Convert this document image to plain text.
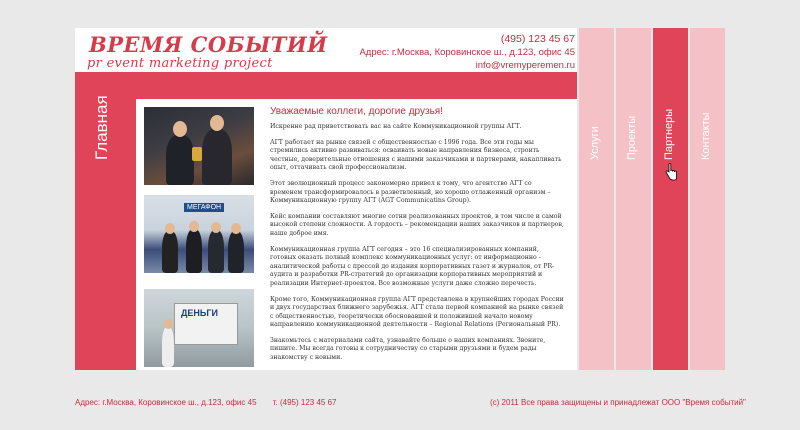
ВРЕМЯ СОБЫТИЙ
pr event marketing project
(495) 123 45 67
Адрес: г.Москва, Коровинское ш., д.123, офис 45
info@vremyperemen.ru
Главная
МЕГАФОН
ДЕНЬГИ

Уважаемые коллеги, дорогие друзья!

Искренне рад приветствовать вас на сайте Коммуникационной группы АГТ.

АГТ работает на рынке связей с общественностью с 1996 года. Все эти годы мы стремились активно развиваться: осваивать новые направления бизнеса, строить честные, доверительные отношения с нашими заказчиками и партнерами, накапливать опыт, оттачивать свой профессионализм.

Этот эволюционный процесс закономерно привел к тому, что агентство АГТ со временем трансформировалось в разветвленный, но хорошо отлаженный организм – Коммуникационную группу АГТ (AGT Communicatins Group).

Кейс компании составляют многие сотни реализованных проектов, в том числе и самой высокой степени сложности. А гордость – рекомендации наших заказчиков и партнеров, наше доброе имя.

Коммуникационная группа АГТ сегодня – это 16 специализированных компаний, готовых оказать полный комплекс коммуникационных услуг: от информационно - аналитической работы с прессой до издания корпоративных газет и журналов, от PR-аудита и разработки PR-стратегий до организации корпоративных мероприятий и реализации Интернет-проектов. Все возможные услуги даже сложно перечесть.

Кроме того, Коммуникационная группа АГТ представлена в крупнейших городах России и двух государствах ближнего зарубежья. АГТ стала первой компанией на рынке связей с общественностью, теоретически обосновавшей и положившей начало новому направлению коммуникационной деятельности – Regional Relations (Региональный PR).

Знакомьтесь с материалами сайта, узнавайте больше о наших компаниях. Звоните, пишите. Мы всегда готовы к сотрудничеству со старыми друзьями и будем рады знакомству с новыми.

Услуги Проекты Партнеры Контакты
Адрес: г.Москва, Коровинское ш., д.123, офис 45 т. (495) 123 45 67	(с) 2011 Все права защищены и принадлежат ООО "Время событий"
